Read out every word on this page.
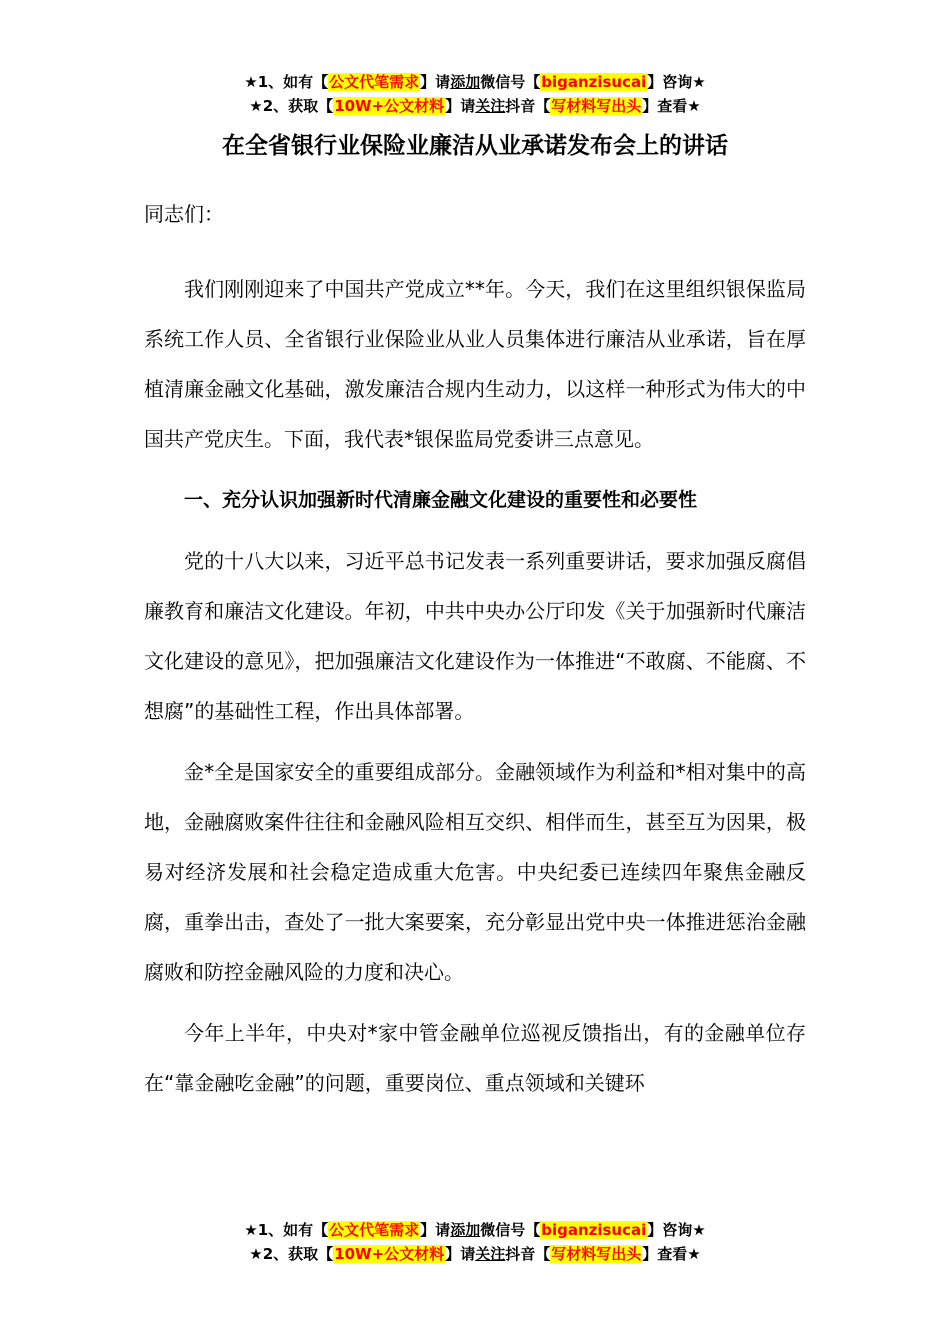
★1、如有【公文代笔需求】请添加微信号【biganzisucai】咨询★
★2、获取【10W+公文材料】请关注抖音【写材料写出头】查看★
在全省银行业保险业廉洁从业承诺发布会上的讲话

同志们：

我们刚刚迎来了中国共产党成立**年。今天，我们在这里组织银保监局系统工作人员、全省银行业保险业从业人员集体进行廉洁从业承诺，旨在厚植清廉金融文化基础，激发廉洁合规内生动力，以这样一种形式为伟大的中国共产党庆生。下面，我代表*银保监局党委讲三点意见。

一、充分认识加强新时代清廉金融文化建设的重要性和必要性

党的十八大以来，习近平总书记发表一系列重要讲话，要求加强反腐倡廉教育和廉洁文化建设。年初，中共中央办公厅印发《关于加强新时代廉洁文化建设的意见》，把加强廉洁文化建设作为一体推进“不敢腐、不能腐、不想腐”的基础性工程，作出具体部署。

金*全是国家安全的重要组成部分。金融领域作为利益和*相对集中的高地，金融腐败案件往往和金融风险相互交织、相伴而生，甚至互为因果，极易对经济发展和社会稳定造成重大危害。中央纪委已连续四年聚焦金融反腐，重拳出击，查处了一批大案要案，充分彰显出党中央一体推进惩治金融腐败和防控金融风险的力度和决心。

今年上半年，中央对*家中管金融单位巡视反馈指出，有的金融单位存在“靠金融吃金融”的问题，重要岗位、重点领域和关键环

★1、如有【公文代笔需求】请添加微信号【biganzisucai】咨询★
★2、获取【10W+公文材料】请关注抖音【写材料写出头】查看★
